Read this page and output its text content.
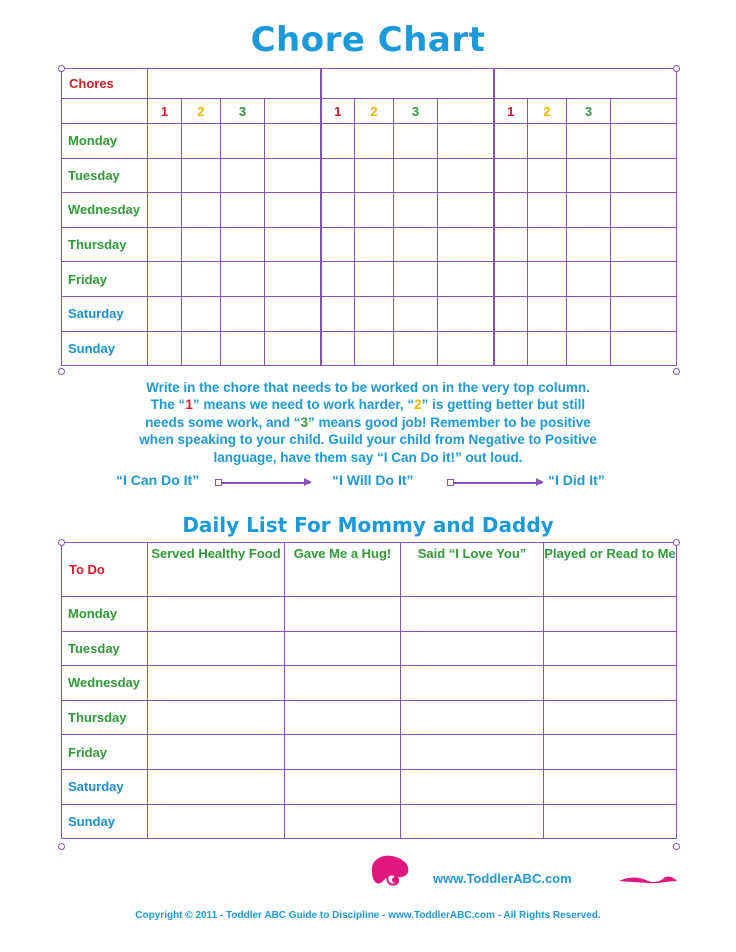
Chore Chart
Chores												
	1	2	3		1	2	3		1	2	3	
Monday												
Tuesday												
Wednesday												
Thursday												
Friday												
Saturday												
Sunday												
Write in the chore that needs to be worked on in the very top column.
The “1” means we need to work harder, “2” is getting better but still
needs some work, and “3” means good job! Remember to be positive
when speaking to your child. Guild your child from Negative to Positive
language, have them say “I Can Do it!” out loud.
“I Can Do It”	“I Will Do It”	“I Did It”
Daily List For Mommy and Daddy
To Do	Served Healthy Food	Gave Me a Hug!	Said “I Love You”	Played or Read to Me
Monday				
Tuesday				
Wednesday				
Thursday				
Friday				
Saturday				
Sunday				
www.ToddlerABC.com
Copyright © 2011 - Toddler ABC Guide to Discipline - www.ToddlerABC.com - All Rights Reserved.
